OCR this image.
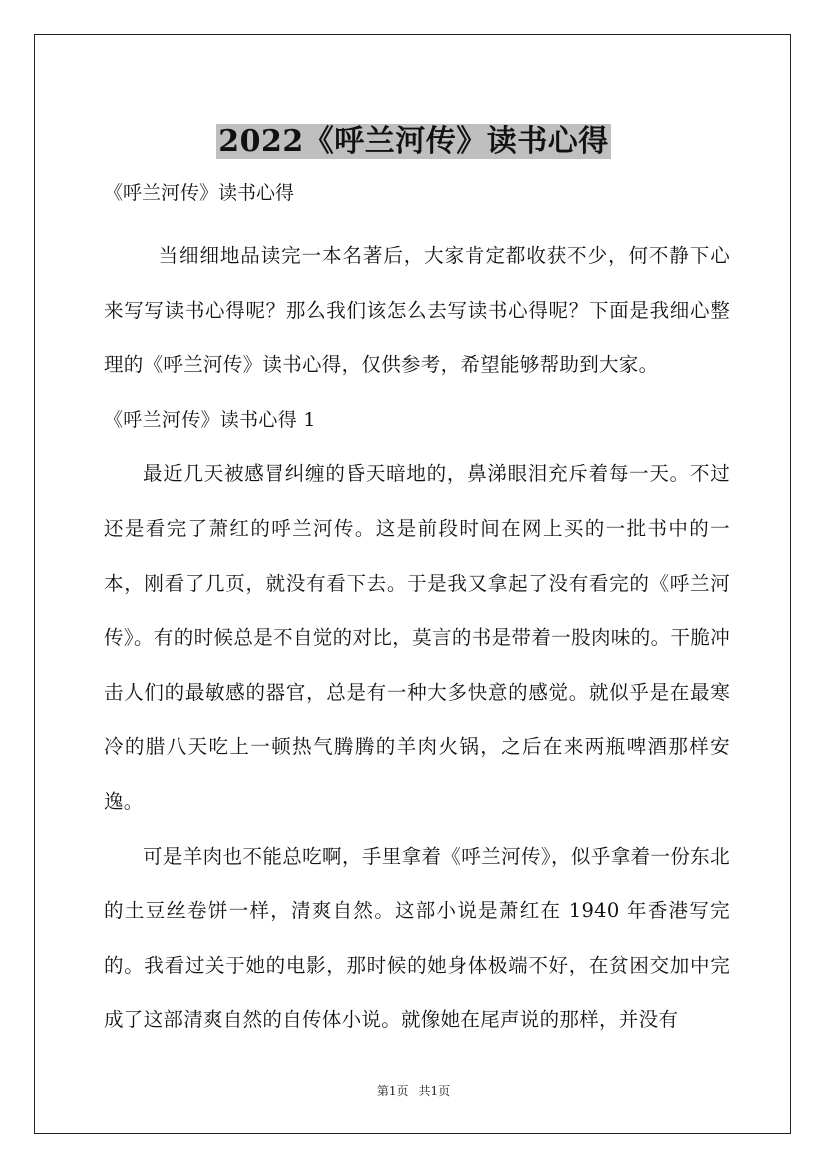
2022《呼兰河传》读书心得
《呼兰河传》读书心得

当细细地品读完一本名著后，大家肯定都收获不少，何不静下心来写写读书心得呢？那么我们该怎么去写读书心得呢？下面是我细心整理的《呼兰河传》读书心得，仅供参考，希望能够帮助到大家。

《呼兰河传》读书心得 1

最近几天被感冒纠缠的昏天暗地的，鼻涕眼泪充斥着每一天。不过还是看完了萧红的呼兰河传。这是前段时间在网上买的一批书中的一本，刚看了几页，就没有看下去。于是我又拿起了没有看完的《呼兰河传》。有的时候总是不自觉的对比，莫言的书是带着一股肉味的。干脆冲击人们的最敏感的器官，总是有一种大多快意的感觉。就似乎是在最寒冷的腊八天吃上一顿热气腾腾的羊肉火锅，之后在来两瓶啤酒那样安逸。

可是羊肉也不能总吃啊，手里拿着《呼兰河传》，似乎拿着一份东北的土豆丝卷饼一样，清爽自然。这部小说是萧红在 1940 年香港写完的。我看过关于她的电影，那时候的她身体极端不好，在贫困交加中完成了这部清爽自然的自传体小说。就像她在尾声说的那样，并没有

第1页 共1页
